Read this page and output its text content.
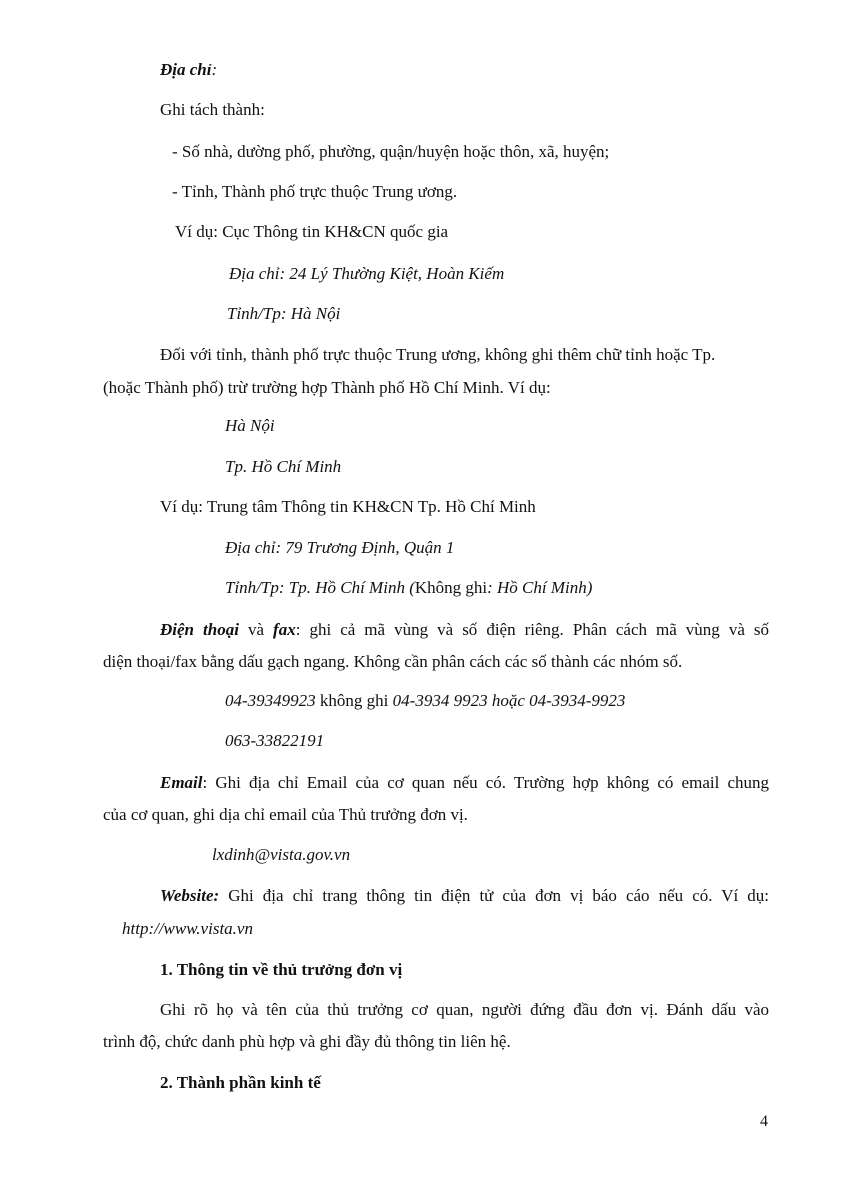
Địa chỉ:
Ghi tách thành:
- Số nhà, dường phố, phường, quận/huyện hoặc thôn, xã, huyện;
- Tỉnh, Thành phố trực thuộc Trung ương.
Ví dụ: Cục Thông tin KH&CN quốc gia
Địa chỉ: 24 Lý Thường Kiệt, Hoàn Kiếm
Tỉnh/Tp: Hà Nội
Đối với tỉnh, thành phố trực thuộc Trung ương, không ghi thêm chữ tỉnh hoặc Tp.
(hoặc Thành phố) trừ trường hợp Thành phố Hồ Chí Minh. Ví dụ:
Hà Nội
Tp. Hồ Chí Minh
Ví dụ: Trung tâm Thông tin KH&CN Tp. Hồ Chí Minh
Địa chỉ: 79 Trương Định, Quận 1
Tỉnh/Tp: Tp. Hồ Chí Minh (Không ghi: Hồ Chí Minh)
Điện thoại và fax: ghi cả mã vùng và số điện riêng. Phân cách mã vùng và số
diện thoại/fax bằng dấu gạch ngang. Không cần phân cách các số thành các nhóm số.
04-39349923 không ghi 04-3934 9923 hoặc 04-3934-9923
063-33822191
Email: Ghi địa chỉ Email của cơ quan nếu có. Trường hợp không có email chung
của cơ quan, ghi dịa chỉ email của Thủ trưởng đơn vị.
lxdinh@vista.gov.vn
Website: Ghi địa chỉ trang thông tin điện tử của đơn vị báo cáo nếu có. Ví dụ:
http://www.vista.vn
1. Thông tin về thủ trưởng đơn vị
Ghi rõ họ và tên của thủ trưởng cơ quan, người đứng đầu đơn vị. Đánh dấu vào
trình độ, chức danh phù hợp và ghi đầy đủ thông tin liên hệ.
2. Thành phần kinh tế
4
